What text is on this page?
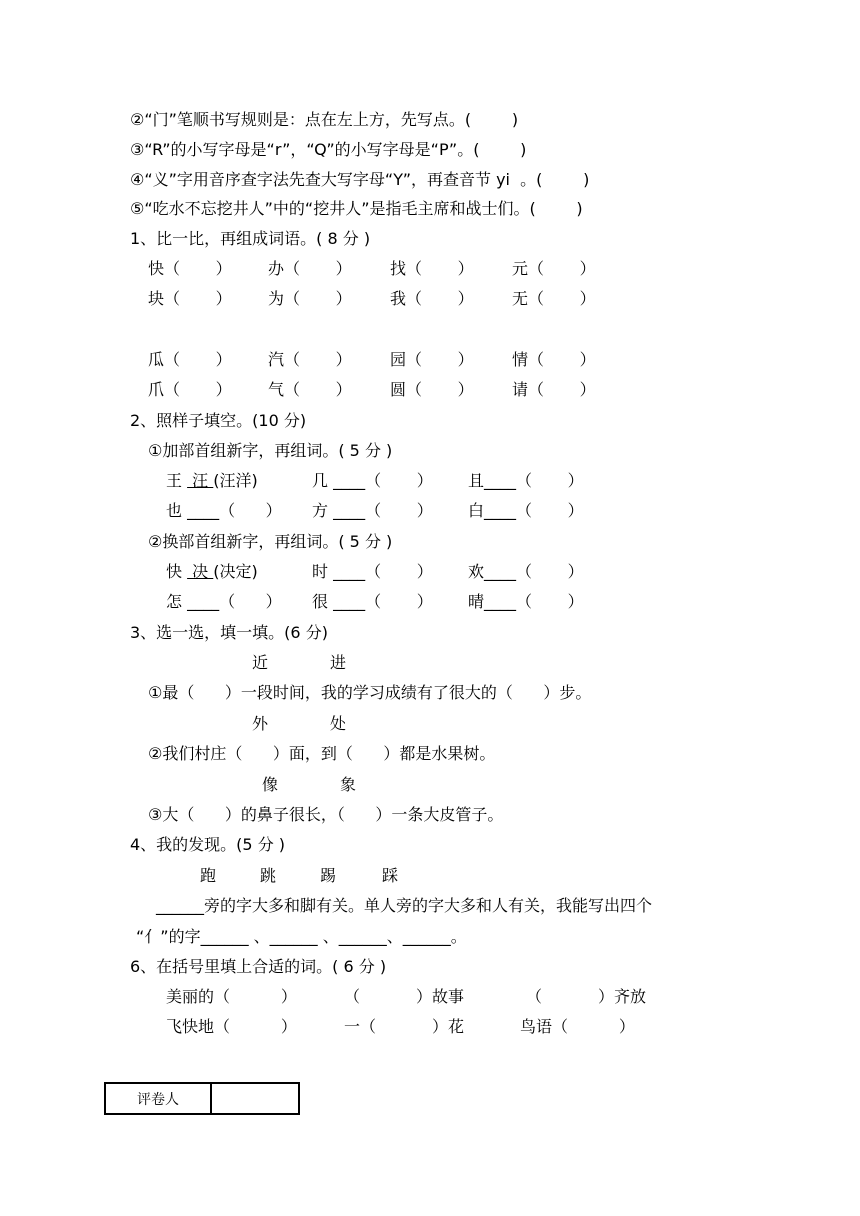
②“门”笔顺书写规则是：点在左上方，先写点。(        )
③“R”的小写字母是“r”，“Q”的小写字母是“P”。(        )
④“义”字用音序查字法先查大写字母“Y”，再查音节 yi  。(        )
⑤“吃水不忘挖井人”中的“挖井人”是指毛主席和战士们。(        )
1、比一比，再组成词语。( 8 分 )
快（       ） 办（       ） 找（       ） 元（       ）
块（       ） 为（       ） 我（       ） 无（       ）
瓜（       ） 汽（       ） 园（       ） 情（       ）
爪（       ） 气（       ） 圆（       ） 请（       ）
2、照样子填空。(10 分)
①加部首组新字，再组词。( 5 分 )
王  汪 (汪洋)	几 ____（       ） 且____（       ）
也 ____（      ） 方 ____（       ） 白____（       ）
②换部首组新字，再组词。( 5 分 )
快  决 (决定)	时 ____（       ） 欢____（       ）
怎 ____（      ） 很 ____（       ） 晴____（       ）
3、选一选，填一填。(6 分)
近	进
①最（      ）一段时间，我的学习成绩有了很大的（      ）步。
外	处
②我们村庄（      ）面，到（      ）都是水果树。
像	象
③大（      ）的鼻子很长，（      ）一条大皮管子。
4、我的发现。(5 分 )
跑	跳	踢	踩
______旁的字大多和脚有关。单人旁的字大多和人有关，我能写出四个
“亻”的字______ 、______ 、______、______。
6、在括号里填上合适的词。( 6 分 )
美丽的（          ）	（           ）故事	（           ）齐放
飞快地（          ）	一（           ）花	鸟语（          ）
评卷人
